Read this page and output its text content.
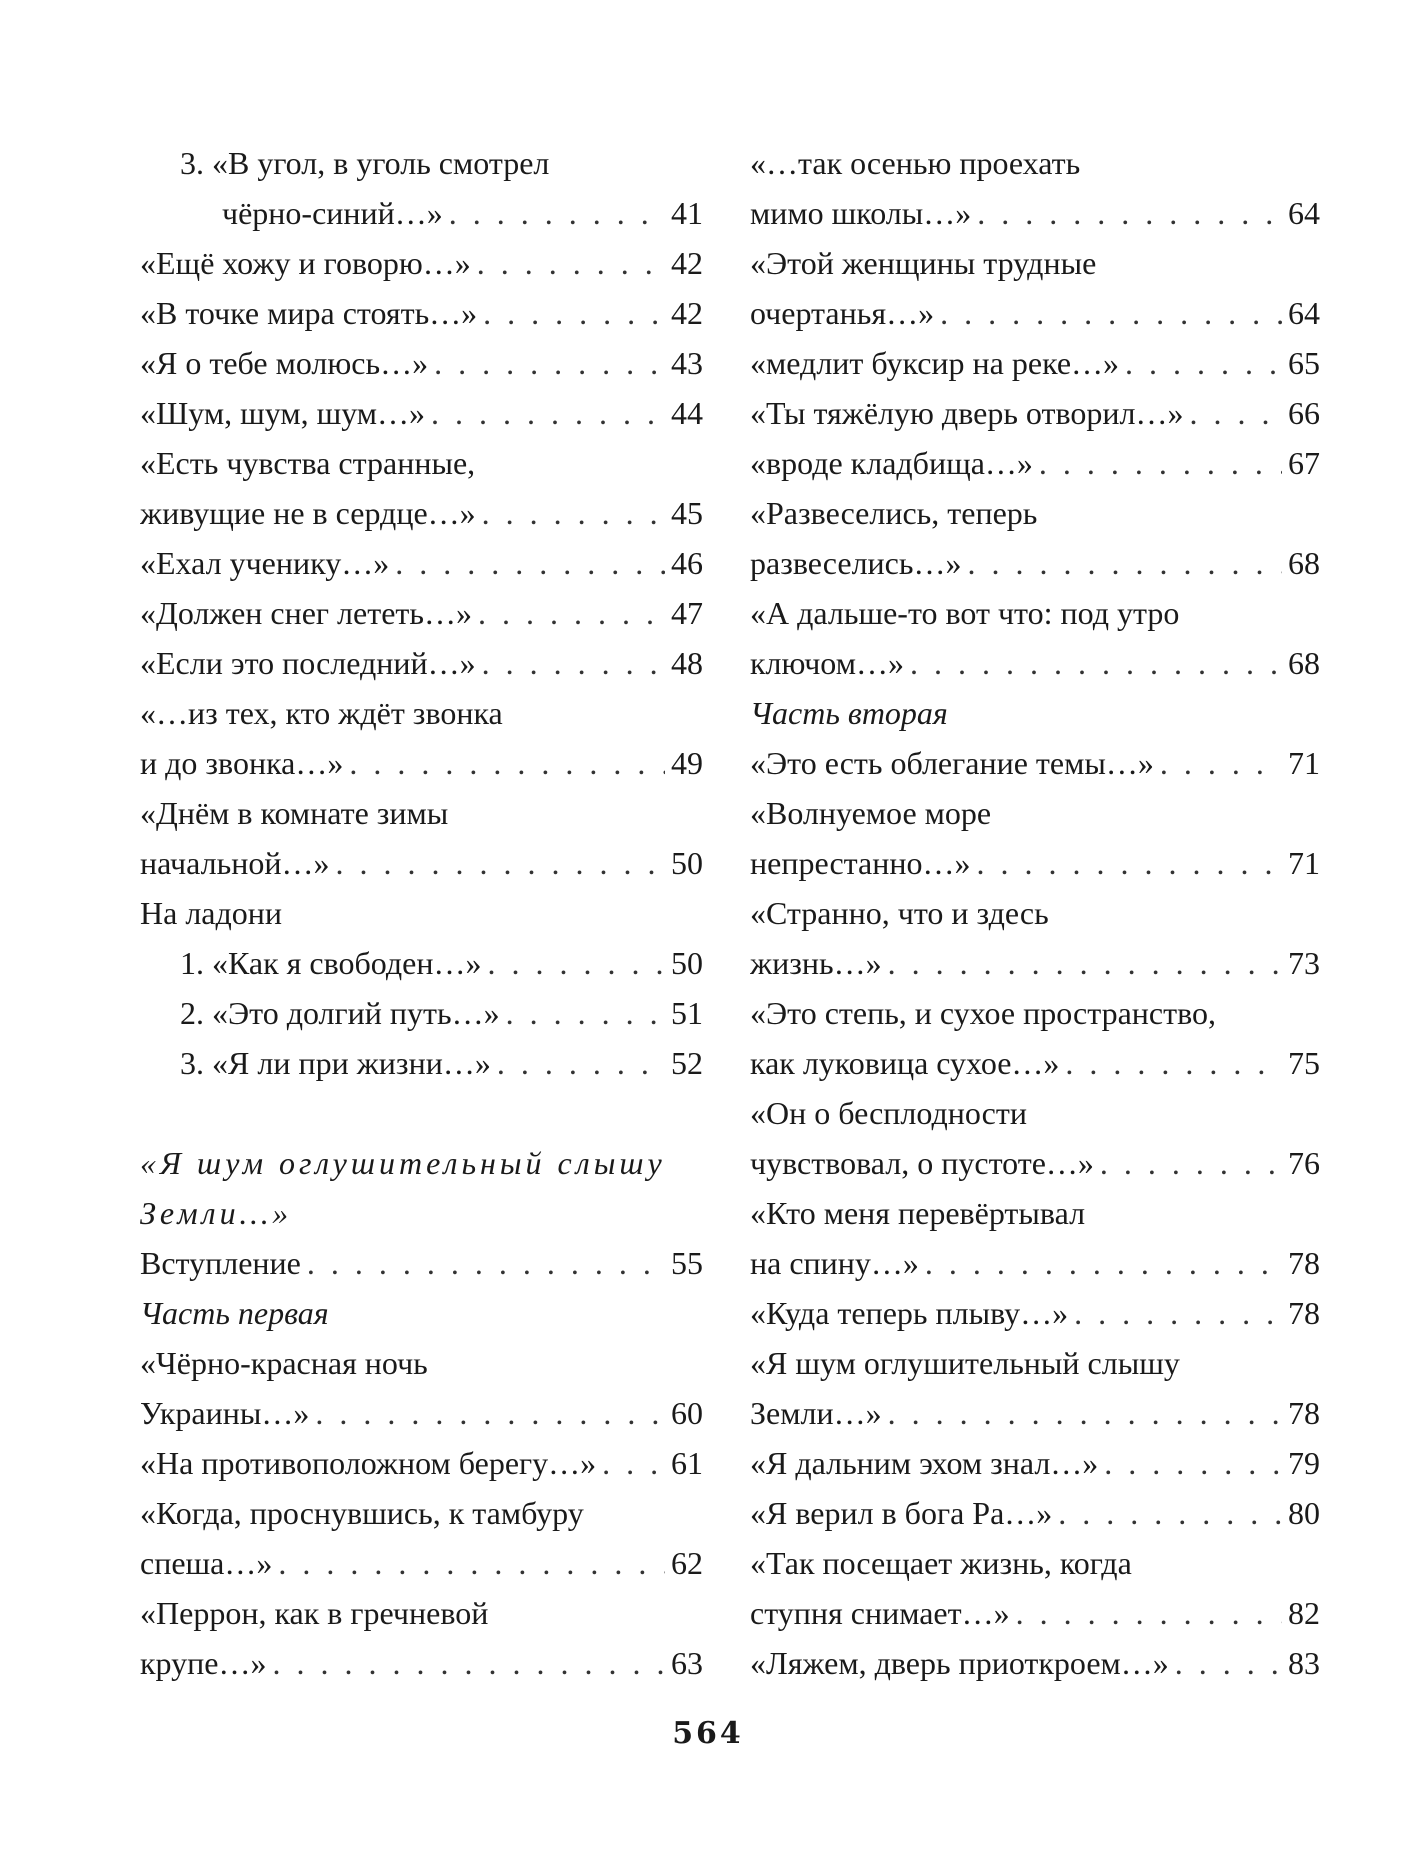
3. «В угол, в уголь смотрел
чёрно-синий…» . . .	41
«Ещё хожу и говорю…» . . .	42
«В точке мира стоять…» . . .	42
«Я о тебе молюсь…» . . .	43
«Шум, шум, шум…» . . .	44
«Есть чувства странные,
живущие не в сердце…» . . .	45
«Ехал ученику…» . . .	46
«Должен снег лететь…» . . .	47
«Если это последний…» . . .	48
«…из тех, кто ждёт звонка
и до звонка…» . . .	49
«Днём в комнате зимы
начальной…» . . .	50
На ладони
1. «Как я свободен…» . . .	50
2. «Это долгий путь…» . . .	51
3. «Я ли при жизни…» . . .	52
«Я шум оглушительный слышу
Земли…»
Вступление . . .	55
Часть первая
«Чёрно-красная ночь
Украины…» . . .	60
«На противоположном берегу…» . . . 61
«Когда, проснувшись, к тамбуру
спеша…» . . .	62
«Перрон, как в гречневой
крупе…» . . .	63
«…так осенью проехать
мимо школы…» . . .	64
«Этой женщины трудные
очертанья…» . . .	64
«медлит буксир на реке…» . . .	65
«Ты тяжёлую дверь отворил…» . . .	66
«вроде кладбища…» . . .	67
«Развеселись, теперь
развеселись…» . . .	68
«А дальше-то вот что: под утро
ключом…» . . .	68
Часть вторая
«Это есть облегание темы…» . . .	71
«Волнуемое море
непрестанно…» . . .	71
«Странно, что и здесь
жизнь…» . . .	73
«Это степь, и сухое пространство,
как луковица сухое…» . . .	75
«Он о бесплодности
чувствовал, о пустоте…» . . .	76
«Кто меня перевёртывал
на спину…» . . .	78
«Куда теперь плыву…» . . .	78
«Я шум оглушительный слышу
Земли…» . . .	78
«Я дальним эхом знал…» . . .	79
«Я верил в бога Ра…» . . .	80
«Так посещает жизнь, когда
ступня снимает…» . . .	82
«Ляжем, дверь приоткроем…» . . .	83
564
